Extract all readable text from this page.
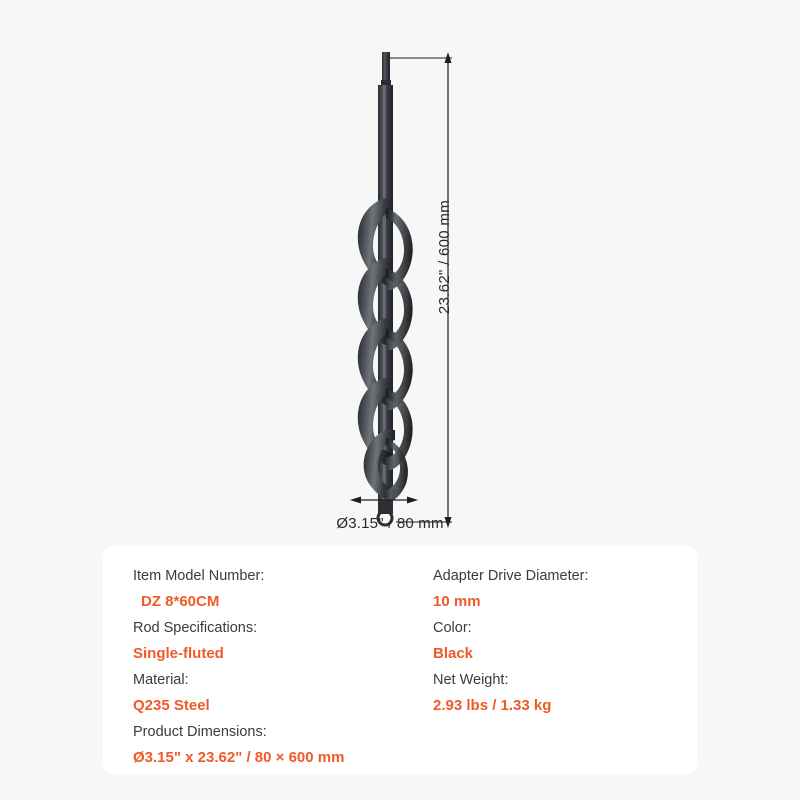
23.62" / 600 mm
Ø3.15" / 80 mm
Item Model Number:
DZ 8*60CM
Rod Specifications:
Single-fluted
Material:
Q235 Steel
Product Dimensions:
Ø3.15" x 23.62" / 80 × 600 mm
Adapter Drive Diameter:
10 mm
Color:
Black
Net Weight:
2.93 lbs / 1.33 kg
